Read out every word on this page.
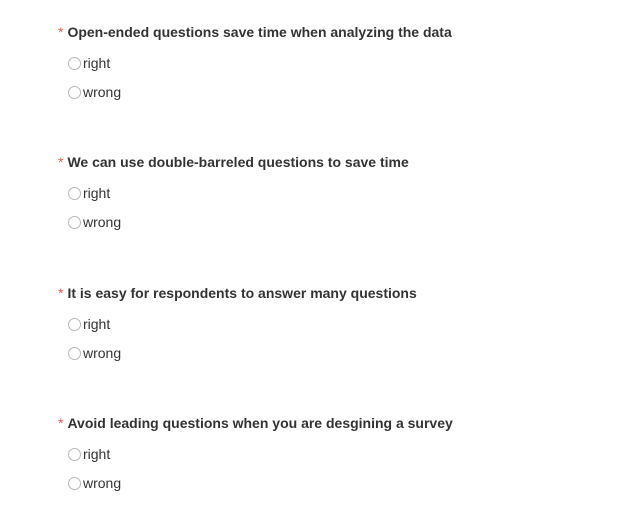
* Open-ended questions save time when analyzing the data
right
wrong
* We can use double-barreled questions to save time
right
wrong
* It is easy for respondents to answer many questions
right
wrong
* Avoid leading questions when you are desgining a survey
right
wrong
